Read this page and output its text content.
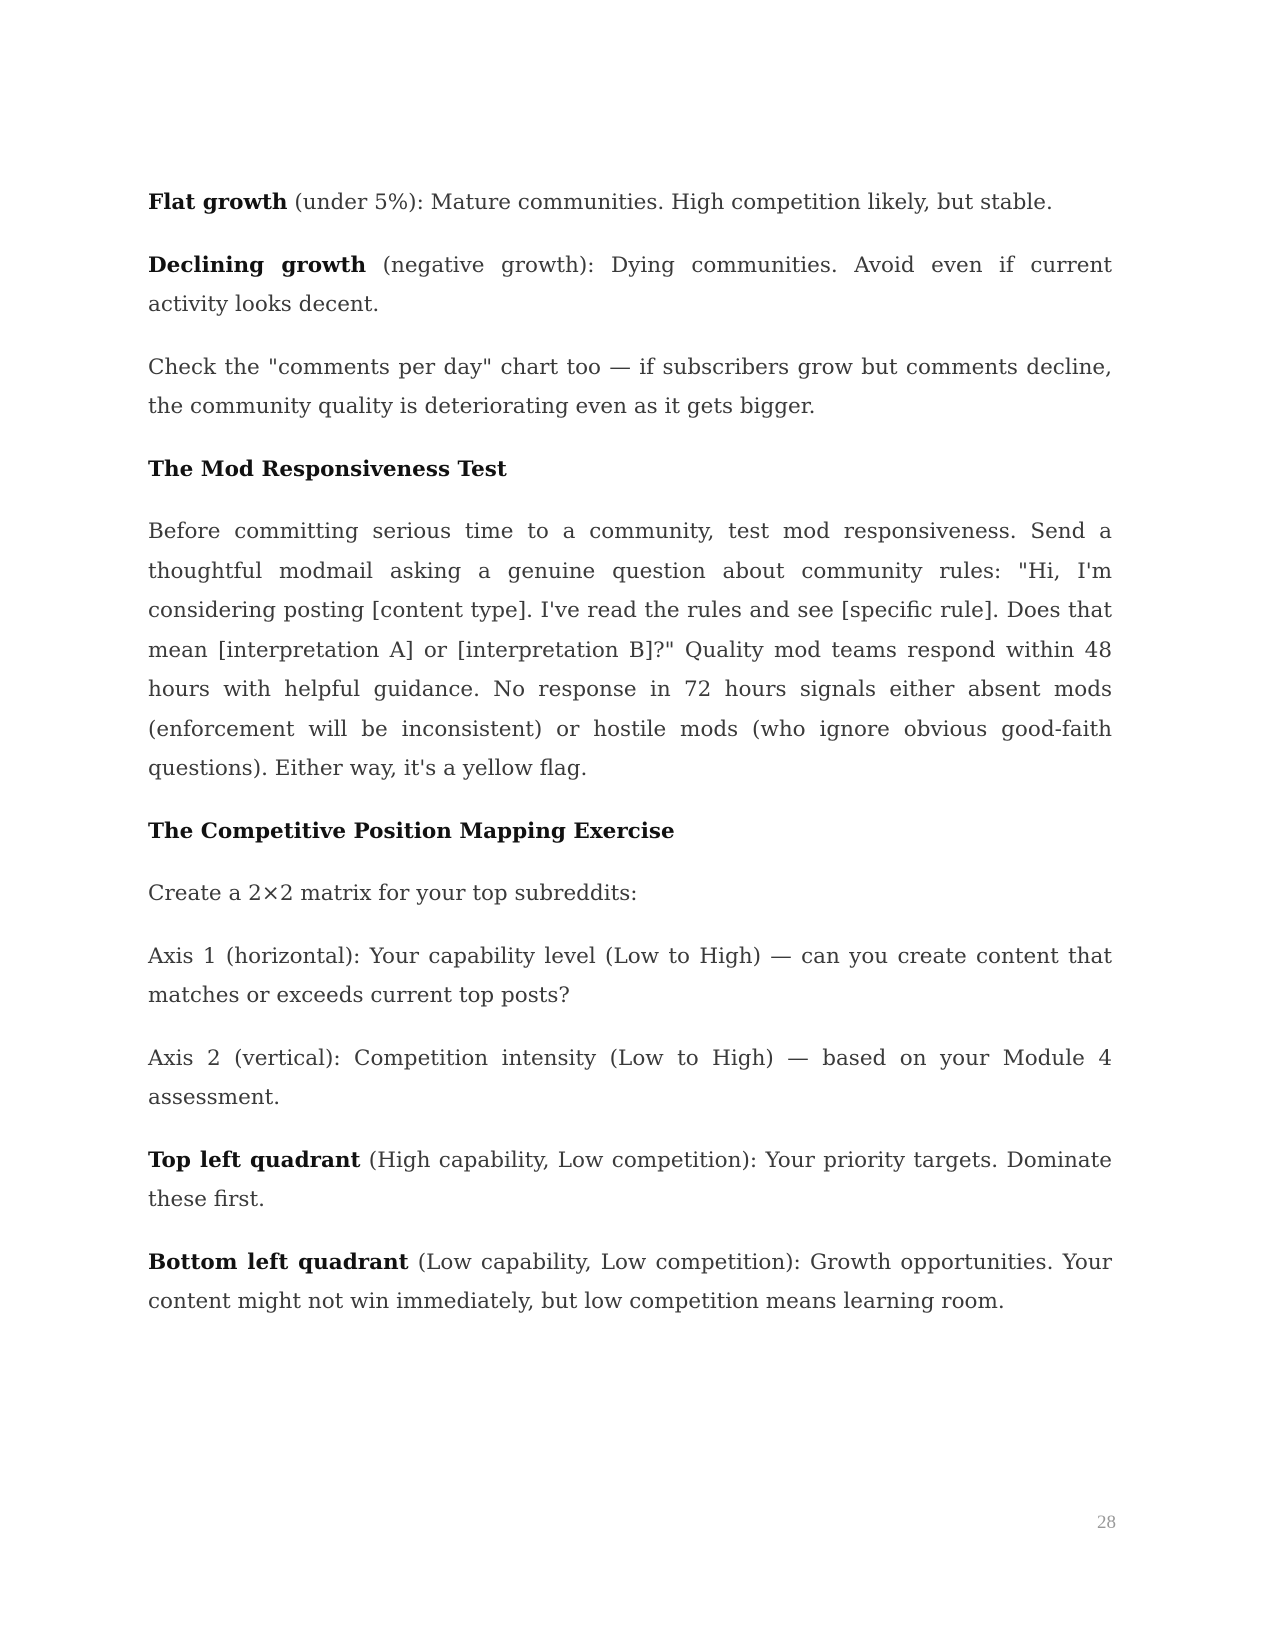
Flat growth (under 5%): Mature communities. High competition likely, but stable.

Declining growth (negative growth): Dying communities. Avoid even if current activity looks decent.

Check the "comments per day" chart too — if subscribers grow but comments decline, the community quality is deteriorating even as it gets bigger.

The Mod Responsiveness Test

Before committing serious time to a community, test mod responsiveness. Send a thoughtful modmail asking a genuine question about community rules: "Hi, I'm considering posting [content type]. I've read the rules and see [specific rule]. Does that mean [interpretation A] or [interpretation B]?" Quality mod teams respond within 48 hours with helpful guidance. No response in 72 hours signals either absent mods (enforcement will be inconsistent) or hostile mods (who ignore obvious good-faith questions). Either way, it's a yellow flag.

The Competitive Position Mapping Exercise

Create a 2×2 matrix for your top subreddits:

Axis 1 (horizontal): Your capability level (Low to High) — can you create content that matches or exceeds current top posts?

Axis 2 (vertical): Competition intensity (Low to High) — based on your Module 4 assessment.

Top left quadrant (High capability, Low competition): Your priority targets. Dominate these first.

Bottom left quadrant (Low capability, Low competition): Growth opportunities. Your content might not win immediately, but low competition means learning room.

28
